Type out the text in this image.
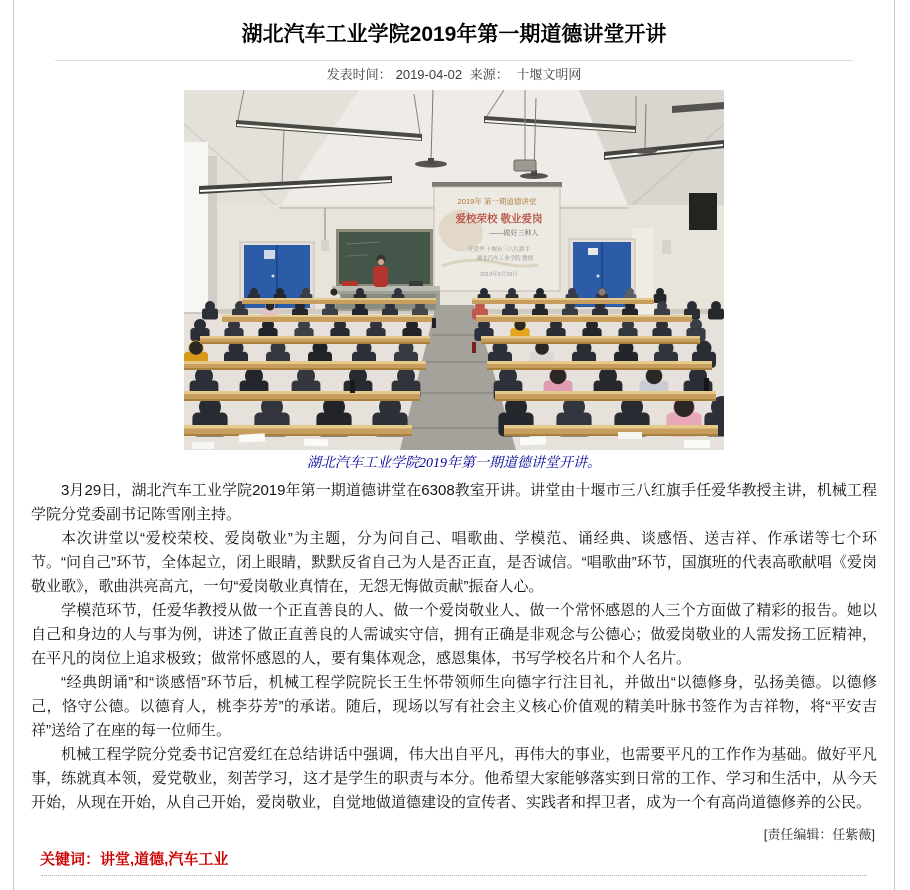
湖北汽车工业学院2019年第一期道德讲堂开讲
发表时间： 2019-04-02 来源： 十堰文明网
2019年 第一期道德讲堂
爱校荣校 敬业爱岗
——做好三种人
任爱华 十堰市三八红旗手
湖北汽车工业学院 教授
2019年3月29日
湖北汽车工业学院2019年第一期道德讲堂开讲。

3月29日，湖北汽车工业学院2019年第一期道德讲堂在6308教室开讲。讲堂由十堰市三八红旗手任爱华教授主讲，机械工程学院分党委副书记陈雪刚主持。

本次讲堂以“爱校荣校、爱岗敬业”为主题，分为问自己、唱歌曲、学模范、诵经典、谈感悟、送吉祥、作承诺等七个环节。“问自己”环节，全体起立，闭上眼睛，默默反省自己为人是否正直，是否诚信。“唱歌曲”环节，国旗班的代表高歌献唱《爱岗敬业歌》，歌曲洪亮高亢，一句“爱岗敬业真情在，无怨无悔做贡献”振奋人心。

学模范环节，任爱华教授从做一个正直善良的人、做一个爱岗敬业人、做一个常怀感恩的人三个方面做了精彩的报告。她以自己和身边的人与事为例，讲述了做正直善良的人需诚实守信，拥有正确是非观念与公德心；做爱岗敬业的人需发扬工匠精神，在平凡的岗位上追求极致；做常怀感恩的人，要有集体观念，感恩集体，书写学校名片和个人名片。

“经典朗诵”和“谈感悟”环节后，机械工程学院院长王生怀带领师生向德字行注目礼，并做出“以德修身，弘扬美德。以德修己，恪守公德。以德育人，桃李芬芳”的承诺。随后，现场以写有社会主义核心价值观的精美叶脉书签作为吉祥物，将“平安吉祥”送给了在座的每一位师生。

机械工程学院分党委书记宫爱红在总结讲话中强调，伟大出自平凡，再伟大的事业，也需要平凡的工作作为基础。做好平凡事，练就真本领，爱党敬业，刻苦学习，这才是学生的职责与本分。他希望大家能够落实到日常的工作、学习和生活中，从今天开始，从现在开始，从自己开始，爱岗敬业，自觉地做道德建设的宣传者、实践者和捍卫者，成为一个有高尚道德修养的公民。

[责任编辑：任紫薇]
关键词：讲堂,道德,汽车工业
